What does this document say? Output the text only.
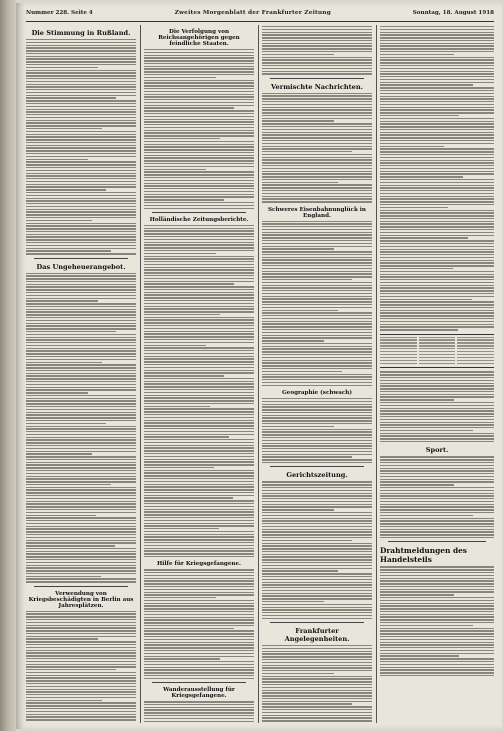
Nummer 228. Seite 4	Zweites Morgenblatt der Frankfurter Zeitung	Sonntag, 18. August 1918
Die Stimmung in Rußland.
Das Ungeheuerangebot.
Verwendung von Kriegsbeschädigten in Berlin aus Jahresplätzen.
Die Verfolgung von Reichsangehörigen gegen feindliche Staaten.
Holländische Zeitungsberichte.
Hilfe für Kriegsgefangene.
Wanderausstellung für Kriegsgefangene.
Vermischte Nachrichten.
Schweres Eisenbahnunglück in England.
Geographie (schwach)
Gerichtszeitung.
Frankfurter Angelegenheiten.
Sport.
Drahtmeldungen des Handelsteils
